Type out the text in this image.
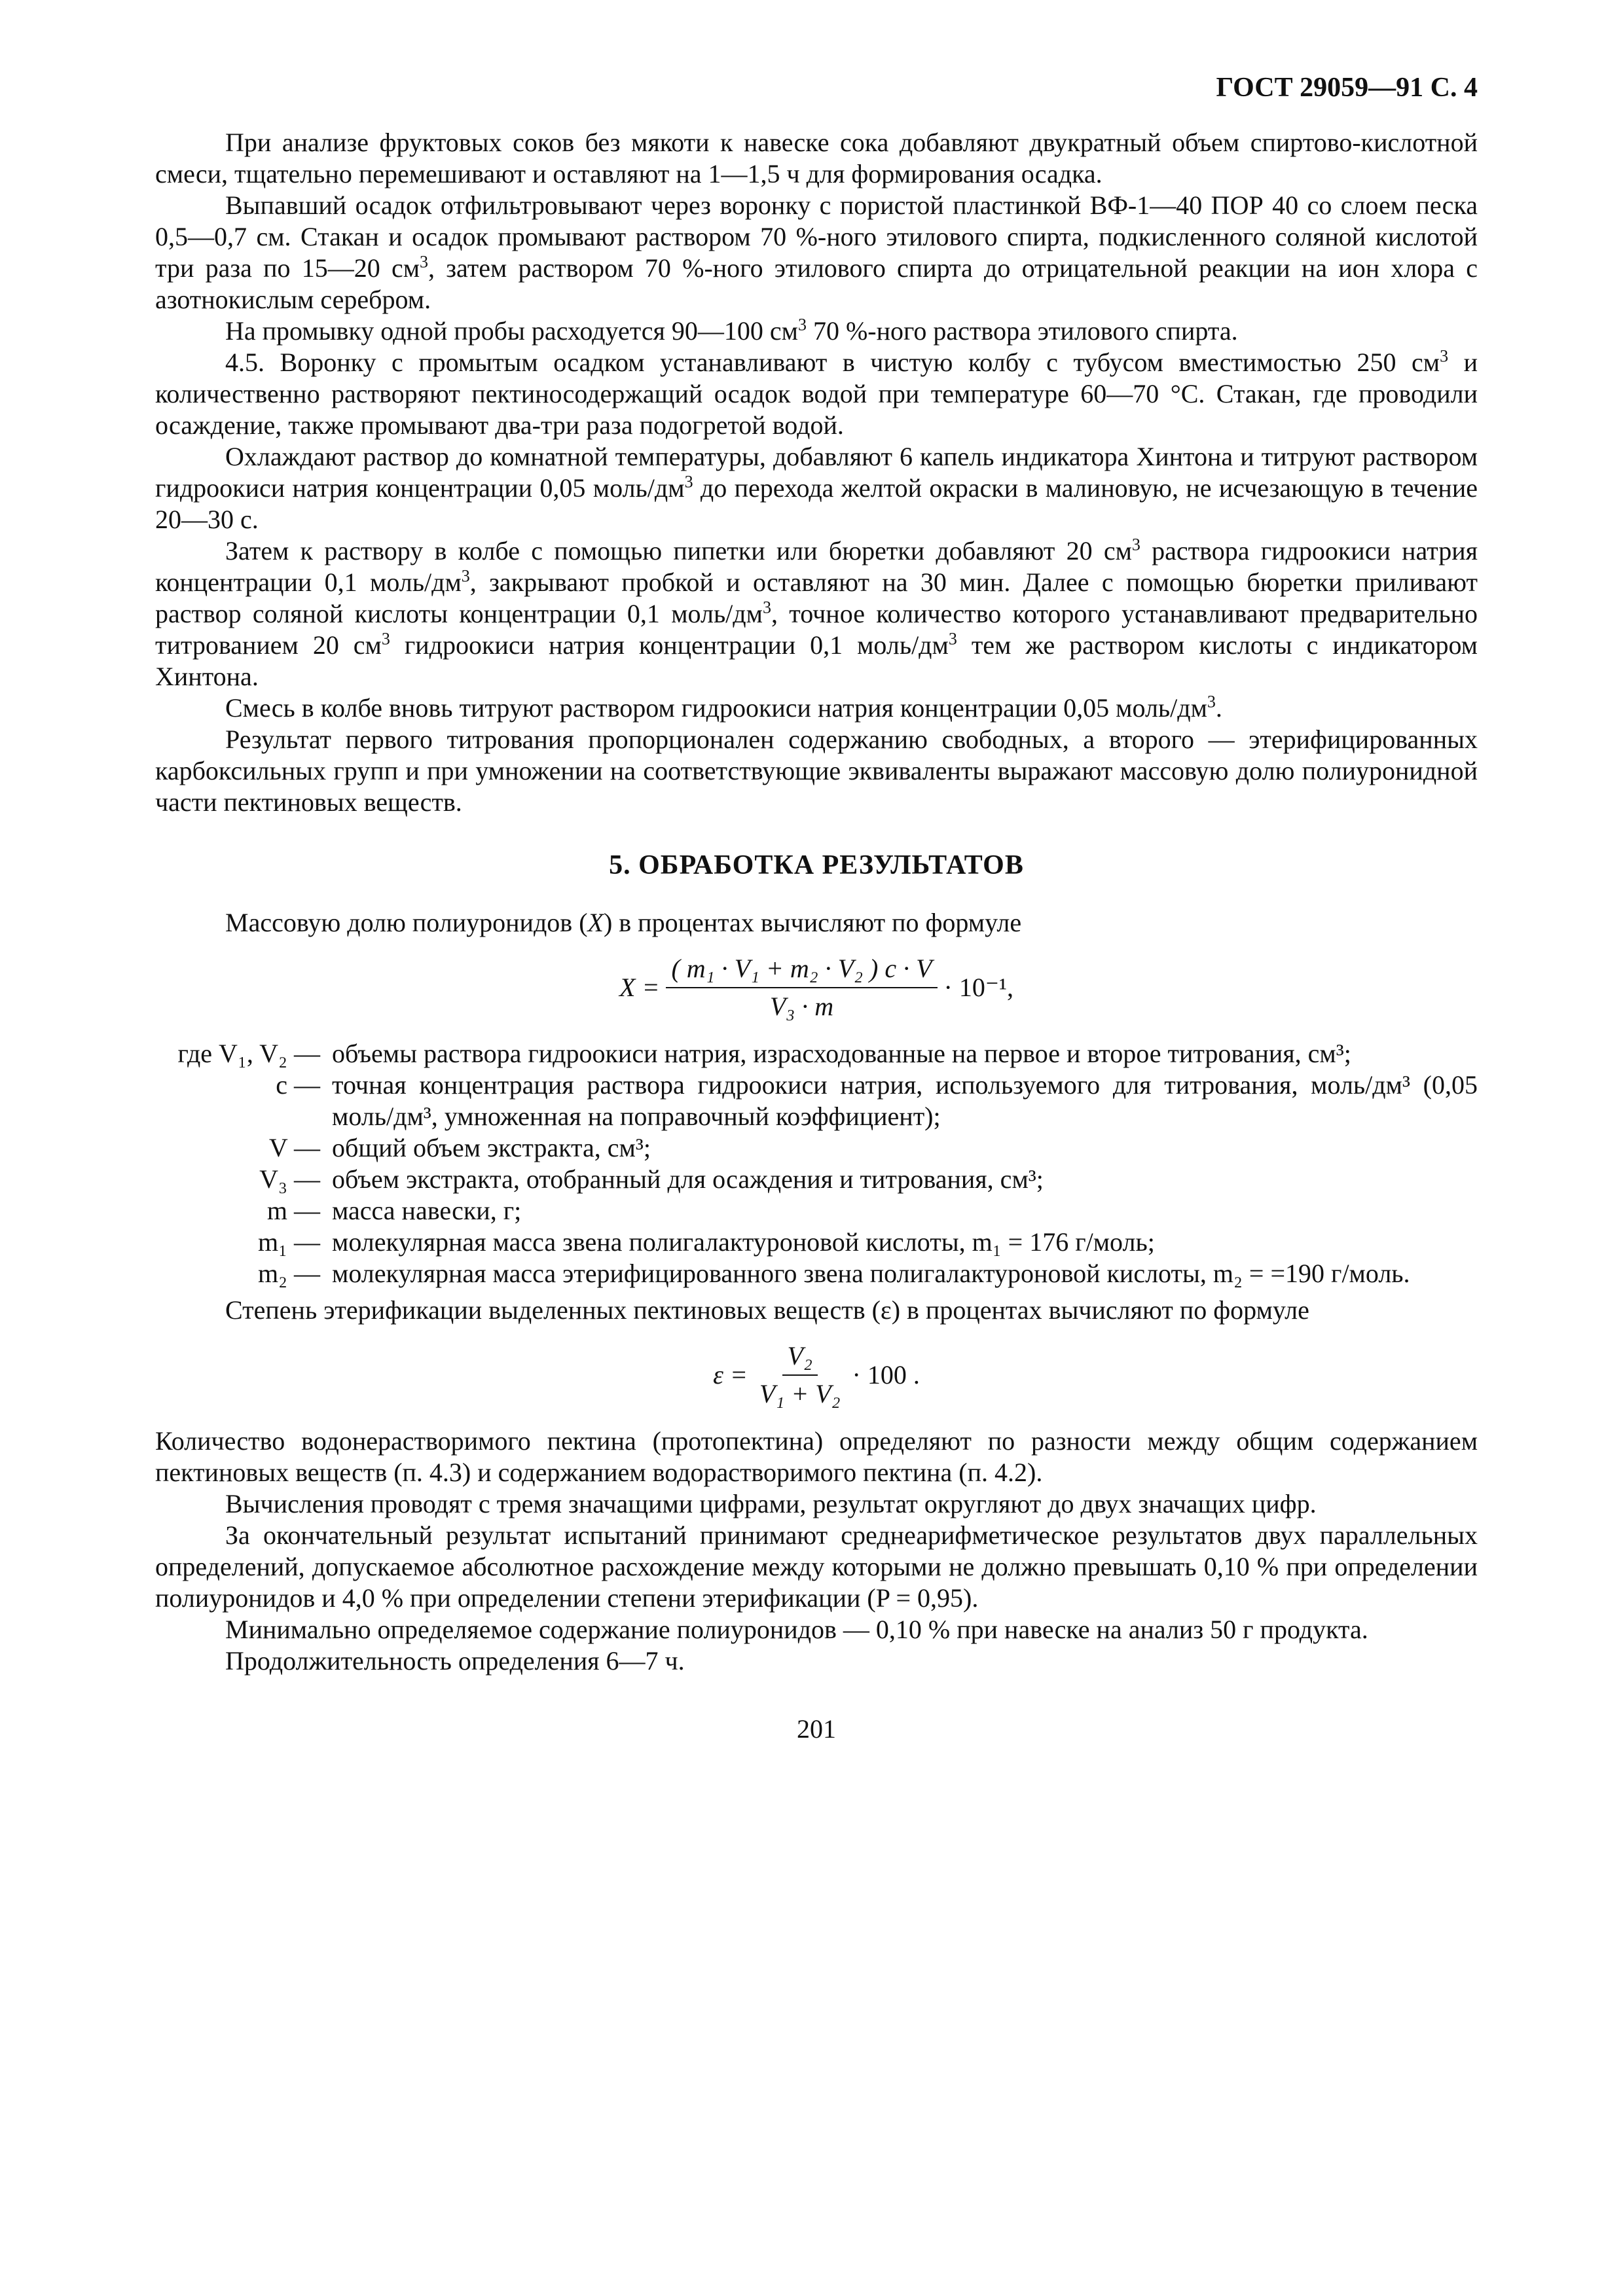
ГОСТ 29059—91 С. 4

При анализе фруктовых соков без мякоти к навеске сока добавляют двукратный объем спиртово-кислотной смеси, тщательно перемешивают и оставляют на 1—1,5 ч для формирования осадка.

Выпавший осадок отфильтровывают через воронку с пористой пластинкой ВФ-1—40 ПОР 40 со слоем песка 0,5—0,7 см. Стакан и осадок промывают раствором 70 %-ного этилового спирта, подкисленного соляной кислотой три раза по 15—20 $см^3$, затем раствором 70 %-ного этилового спирта до отрицательной реакции на ион хлора с азотнокислым серебром.

На промывку одной пробы расходуется 90—100 $см^3$ 70 %-ного раствора этилового спирта.

4.5. Воронку с промытым осадком устанавливают в чистую колбу с тубусом вместимостью 250 $см^3$ и количественно растворяют пектиносодержащий осадок водой при температуре 60—70 °С. Стакан, где проводили осаждение, также промывают два-три раза подогретой водой.

Охлаждают раствор до комнатной температуры, добавляют 6 капель индикатора Хинтона и титруют раствором гидроокиси натрия концентрации 0,05 моль/$дм^3$ до перехода желтой окраски в малиновую, не исчезающую в течение 20—30 с.

Затем к раствору в колбе с помощью пипетки или бюретки добавляют 20 $см^3$ раствора гидроокиси натрия концентрации 0,1 моль/$дм^3$, закрывают пробкой и оставляют на 30 мин. Далее с помощью бюретки приливают раствор соляной кислоты концентрации 0,1 моль/$дм^3$, точное количество которого устанавливают предварительно титрованием 20 $см^3$ гидроокиси натрия концентрации 0,1 моль/$дм^3$ тем же раствором кислоты с индикатором Хинтона.

Смесь в колбе вновь титруют раствором гидроокиси натрия концентрации 0,05 моль/$дм^3$.

Результат первого титрования пропорционален содержанию свободных, а второго — этерифицированных карбоксильных групп и при умножении на соответствующие эквиваленты выражают массовую долю полиуронидной части пектиновых веществ.

5. ОБРАБОТКА РЕЗУЛЬТАТОВ

Массовую долю полиуронидов (X) в процентах вычисляют по формуле

$X = \frac{\text{( m₁ · V₁ + m₂ · V₂ ) c · V}}{\text{V₃ · m}} \cdot 10^{-1}$,
где V₁, V₂ — объемы раствора гидроокиси натрия, израсходованные на первое и второе титрования, см³;
c — точная концентрация раствора гидроокиси натрия, используемого для титрования, моль/дм³ (0,05 моль/дм³, умноженная на поправочный коэффициент);
V — общий объем экстракта, см³;
V₃ — объем экстракта, отобранный для осаждения и титрования, см³;
m — масса навески, г;
m₁ — молекулярная масса звена полигалактуроновой кислоты, m₁ = 176 г/моль;
m₂ — молекулярная масса этерифицированного звена полигалактуроновой кислоты, m₂ = =190 г/моль.

Степень этерификации выделенных пектиновых веществ (ε) в процентах вычисляют по формуле

$\varepsilon = \frac{\text{V₂}}{\text{V₁ + V₂}} \cdot 100$ .

Количество водонерастворимого пектина (протопектина) определяют по разности между общим содержанием пектиновых веществ (п. 4.3) и содержанием водорастворимого пектина (п. 4.2).

Вычисления проводят с тремя значащими цифрами, результат округляют до двух значащих цифр.

За окончательный результат испытаний принимают среднеарифметическое результатов двух параллельных определений, допускаемое абсолютное расхождение между которыми не должно превышать 0,10 % при определении полиуронидов и 4,0 % при определении степени этерификации (P = 0,95).

Минимально определяемое содержание полиуронидов — 0,10 % при навеске на анализ 50 г продукта.

Продолжительность определения 6—7 ч.

201
